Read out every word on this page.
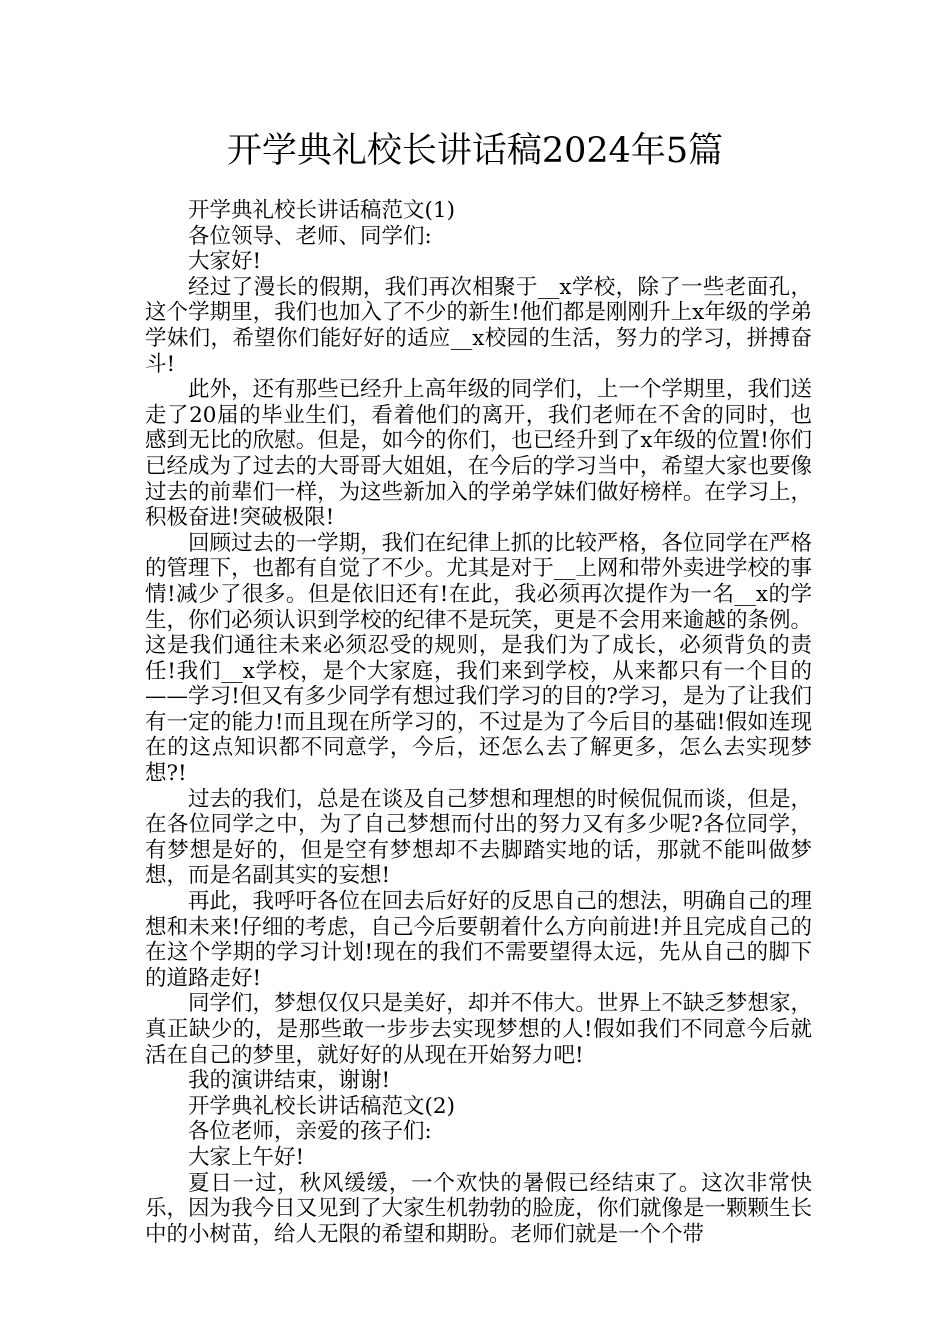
开学典礼校长讲话稿2024年5篇

开学典礼校长讲话稿范文(1)

各位领导、老师、同学们:

大家好!

经过了漫长的假期，我们再次相聚于__x学校，除了一些老面孔，这个学期里，我们也加入了不少的新生!他们都是刚刚升上x年级的学弟学妹们，希望你们能好好的适应__x校园的生活，努力的学习，拼搏奋斗!

此外，还有那些已经升上高年级的同学们，上一个学期里，我们送走了20届的毕业生们，看着他们的离开，我们老师在不舍的同时，也感到无比的欣慰。但是，如今的你们，也已经升到了x年级的位置!你们已经成为了过去的大哥哥大姐姐，在今后的学习当中，希望大家也要像过去的前辈们一样，为这些新加入的学弟学妹们做好榜样。在学习上，积极奋进!突破极限!

回顾过去的一学期，我们在纪律上抓的比较严格，各位同学在严格的管理下，也都有自觉了不少。尤其是对于__上网和带外卖进学校的事情!减少了很多。但是依旧还有!在此，我必须再次提作为一名__x的学生，你们必须认识到学校的纪律不是玩笑，更是不会用来逾越的条例。这是我们通往未来必须忍受的规则，是我们为了成长，必须背负的责任!我们__x学校，是个大家庭，我们来到学校，从来都只有一个目的——学习!但又有多少同学有想过我们学习的目的?学习，是为了让我们有一定的能力!而且现在所学习的，不过是为了今后目的基础!假如连现在的这点知识都不同意学，今后，还怎么去了解更多，怎么去实现梦想?!

过去的我们，总是在谈及自己梦想和理想的时候侃侃而谈，但是，在各位同学之中，为了自己梦想而付出的努力又有多少呢?各位同学，有梦想是好的，但是空有梦想却不去脚踏实地的话，那就不能叫做梦想，而是名副其实的妄想!

再此，我呼吁各位在回去后好好的反思自己的想法，明确自己的理想和未来!仔细的考虑，自己今后要朝着什么方向前进!并且完成自己的在这个学期的学习计划!现在的我们不需要望得太远，先从自己的脚下的道路走好!

同学们，梦想仅仅只是美好，却并不伟大。世界上不缺乏梦想家，真正缺少的，是那些敢一步步去实现梦想的人!假如我们不同意今后就活在自己的梦里，就好好的从现在开始努力吧!

我的演讲结束，谢谢!

开学典礼校长讲话稿范文(2)

各位老师，亲爱的孩子们:

大家上午好!

夏日一过，秋风缓缓，一个欢快的暑假已经结束了。这次非常快乐，因为我今日又见到了大家生机勃勃的脸庞，你们就像是一颗颗生长中的小树苗，给人无限的希望和期盼。老师们就是一个个带
